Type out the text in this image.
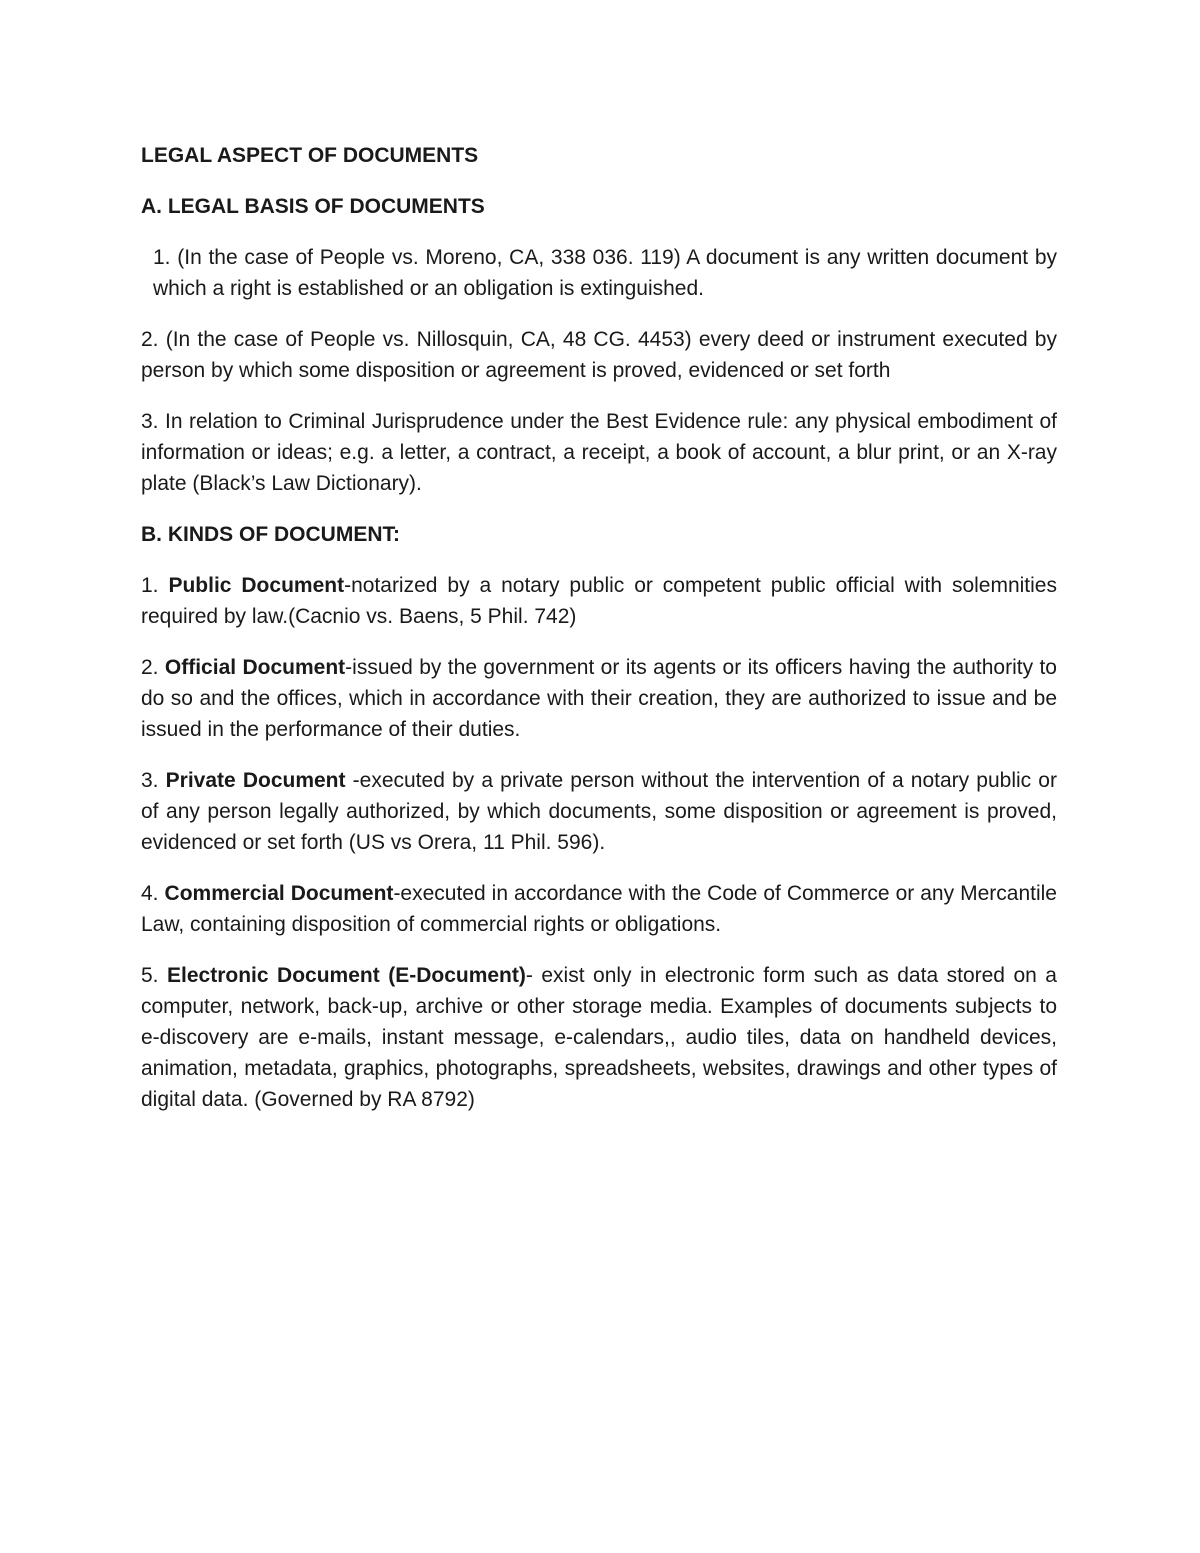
LEGAL ASPECT OF DOCUMENTS

A. LEGAL BASIS OF DOCUMENTS

1. (In the case of People vs. Moreno, CA, 338 036. 119) A document is any written document by which a right is established or an obligation is extinguished.

2. (In the case of People vs. Nillosquin, CA, 48 CG. 4453) every deed or instrument executed by person by which some disposition or agreement is proved, evidenced or set forth

3. In relation to Criminal Jurisprudence under the Best Evidence rule: any physical embodiment of information or ideas; e.g. a letter, a contract, a receipt, a book of account, a blur print, or an X-ray plate (Black’s Law Dictionary).

B. KINDS OF DOCUMENT:

1. Public Document-notarized by a notary public or competent public official with solemnities required by law.(Cacnio vs. Baens, 5 Phil. 742)

2. Official Document-issued by the government or its agents or its officers having the authority to do so and the offices, which in accordance with their creation, they are authorized to issue and be issued in the performance of their duties.

3. Private Document -executed by a private person without the intervention of a notary public or of any person legally authorized, by which documents, some disposition or agreement is proved, evidenced or set forth (US vs Orera, 11 Phil. 596).

4. Commercial Document-executed in accordance with the Code of Commerce or any Mercantile Law, containing disposition of commercial rights or obligations.

5. Electronic Document (E-Document)- exist only in electronic form such as data stored on a computer, network, back-up, archive or other storage media. Examples of documents subjects to e-discovery are e-mails, instant message, e-calendars,, audio tiles, data on handheld devices, animation, metadata, graphics, photographs, spreadsheets, websites, drawings and other types of digital data. (Governed by RA 8792)
